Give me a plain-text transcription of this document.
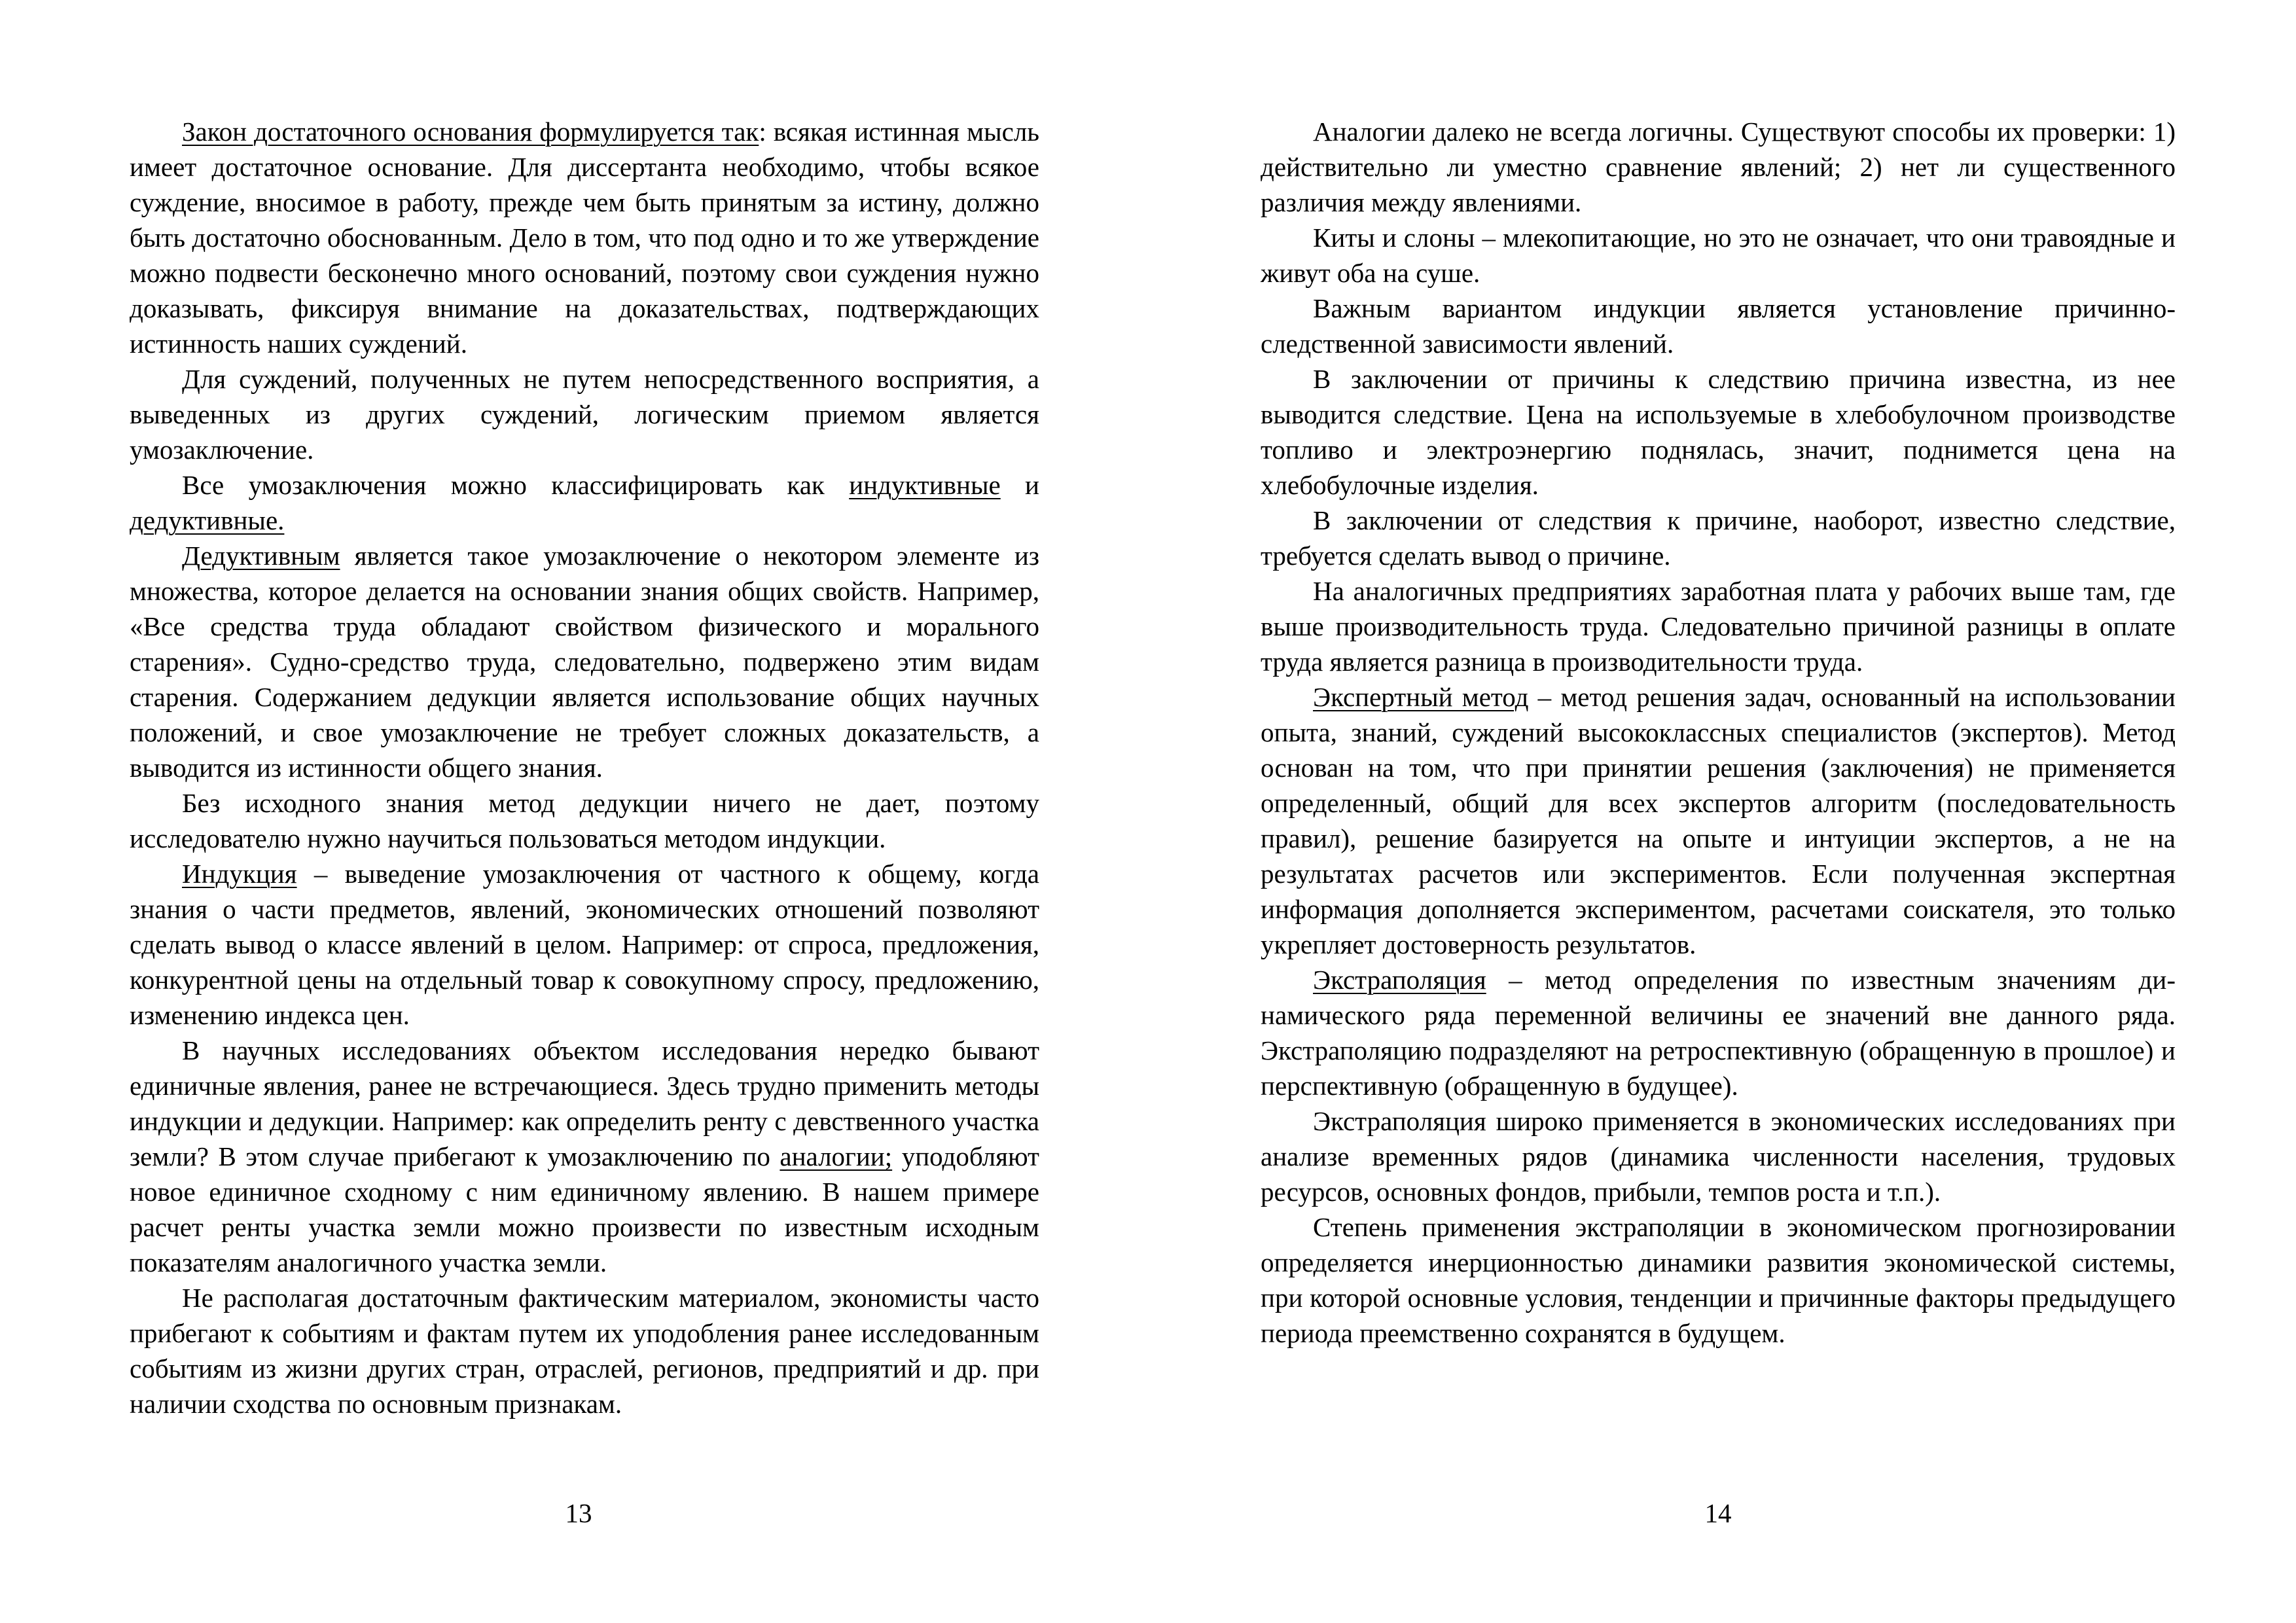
Закон достаточного основания формулируется так: всякая истинная мысль имеет достаточное основание. Для диссертанта необходимо, чтобы всякое суждение, вносимое в работу, прежде чем быть принятым за истину, должно быть достаточно обоснованным. Дело в том, что под одно и то же утверждение можно подвести бесконечно много оснований, поэтому свои суждения нужно доказывать, фиксируя внимание на доказательствах, подтверждающих истинность наших суждений.

Для суждений, полученных не путем непосредственного восприятия, а выведенных из других суждений, логическим приемом является умозаключение.

Все умозаключения можно классифицировать как индуктивные и дедуктивные.

Дедуктивным является такое умозаключение о некотором элементе из множества, которое делается на основании знания общих свойств. Например, «Все средства труда обладают свойством физического и морального старения». Судно-средство труда, следовательно, подвержено этим видам старения. Содержанием дедукции является использование общих научных положений, и свое умозаключение не требует сложных доказательств, а выводится из истинности общего знания.

Без исходного знания метод дедукции ничего не дает, поэтому исследователю нужно научиться пользоваться методом индукции.

Индукция – выведение умозаключения от частного к общему, когда знания о части предметов, явлений, экономических отношений позволяют сделать вывод о классе явлений в целом. Например: от спроса, предложения, конкурентной цены на отдельный товар к совокупному спросу, предложению, изменению индекса цен.

В научных исследованиях объектом исследования нередко бывают единичные явления, ранее не встречающиеся. Здесь трудно применить методы индукции и дедукции. Например: как определить ренту с девственного участка земли? В этом случае прибегают к умозаключению по аналогии; уподобляют новое единичное сходному с ним единичному явлению. В нашем примере расчет ренты участка земли можно произвести по известным исходным показателям аналогичного участка земли.

Не располагая достаточным фактическим материалом, экономисты часто прибегают к событиям и фактам путем их уподобления ранее исследованным событиям из жизни других стран, отраслей, регионов, предприятий и др. при наличии сходства по основным признакам.

13

Аналогии далеко не всегда логичны. Существуют способы их проверки: 1) действительно ли уместно сравнение явлений; 2) нет ли существенного различия между явлениями.

Киты и слоны – млекопитающие, но это не означает, что они травоядные и живут оба на суше.

Важным вариантом индукции является установление причинно-следственной зависимости явлений.

В заключении от причины к следствию причина известна, из нее выводится следствие. Цена на используемые в хлебобулочном производстве топливо и электроэнергию поднялась, значит, поднимется цена на хлебобулочные изделия.

В заключении от следствия к причине, наоборот, известно следствие, требуется сделать вывод о причине.

На аналогичных предприятиях заработная плата у рабочих выше там, где выше производительность труда. Следовательно причиной разницы в оплате труда является разница в производительности труда.

Экспертный метод – метод решения задач, основанный на использовании опыта, знаний, суждений высококлассных специалистов (экспертов). Метод основан на том, что при принятии решения (заключения) не применяется определенный, общий для всех экспертов алгоритм (последовательность правил), решение базируется на опыте и интуиции экспертов, а не на результатах расчетов или экспериментов. Если полученная экспертная информация дополняется экспериментом, расчетами соискателя, это только укрепляет достоверность результатов.

Экстраполяция – метод определения по известным значениям динамического ряда переменной величины ее значений вне данного ряда. Экстраполяцию подразделяют на ретроспективную (обращенную в прошлое) и перспективную (обращенную в будущее).

Экстраполяция широко применяется в экономических исследованиях при анализе временных рядов (динамика численности населения, трудовых ресурсов, основных фондов, прибыли, темпов роста и т.п.).

Степень применения экстраполяции в экономическом прогнозировании определяется инерционностью динамики развития экономической системы, при которой основные условия, тенденции и причинные факторы предыдущего периода преемственно сохранятся в будущем.

14
